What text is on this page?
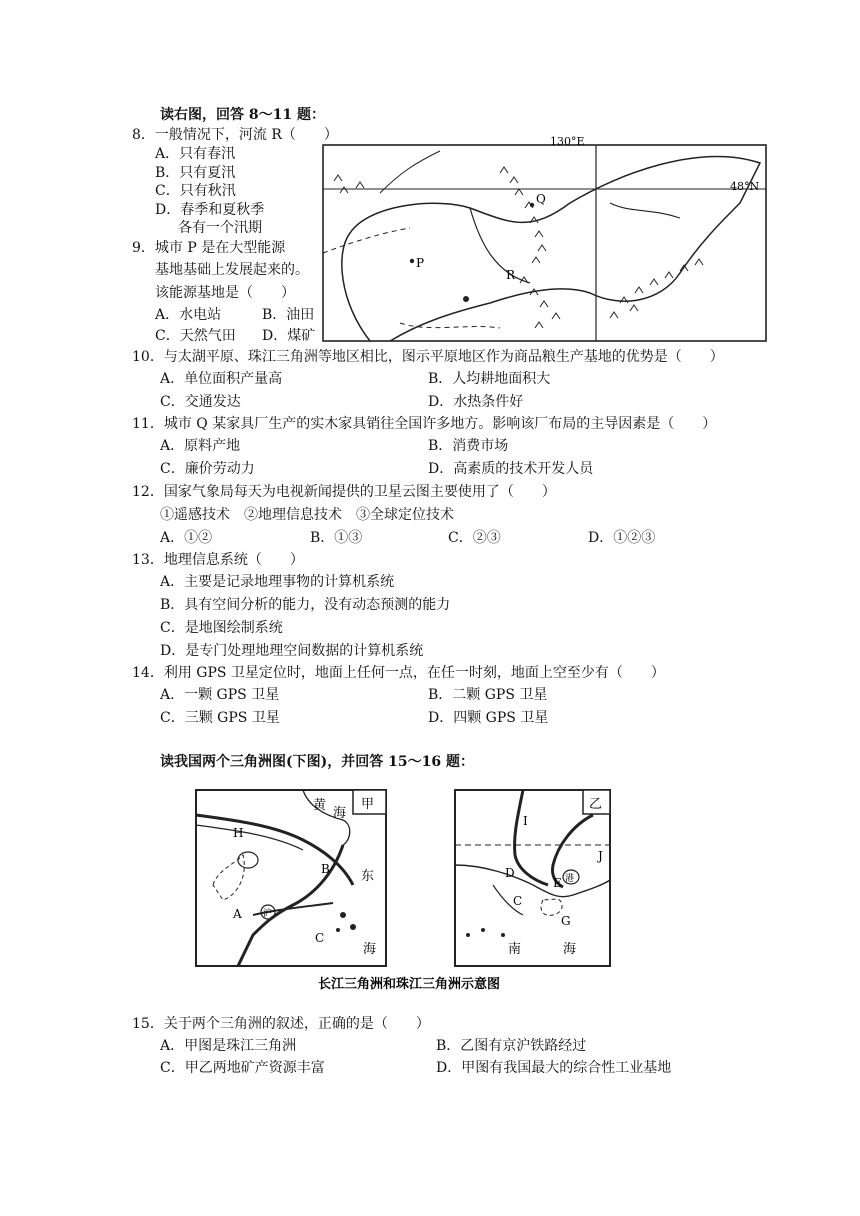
读右图，回答 8～11 题：
8．一般情况下，河流 R（　　）
A．只有春汛
B．只有夏汛
C．只有秋汛
D．春季和夏秋季
各有一个汛期
9．城市 P 是在大型能源
基地基础上发展起来的。
该能源基地是（　　）
A．水电站	B．油田
C．天然气田 D．煤矿
130°E
48°N
P
Q
R
10．与太湖平原、珠江三角洲等地区相比，图示平原地区作为商品粮生产基地的优势是（　　）
A．单位面积产量高	B．人均耕地面积大
C．交通发达	D．水热条件好
11．城市 Q 某家具厂生产的实木家具销往全国许多地方。影响该厂布局的主导因素是（　　）
A．原料产地	B．消费市场
C．廉价劳动力	D．高素质的技术开发人员
12．国家气象局每天为电视新闻提供的卫星云图主要使用了（　　）
①遥感技术　②地理信息技术　③全球定位技术
A．①②	B．①③	C．②③	D．①②③
13．地理信息系统（　　）
A．主要是记录地理事物的计算机系统
B．具有空间分析的能力，没有动态预测的能力
C．是地图绘制系统
D．是专门处理地理空间数据的计算机系统
14．利用 GPS 卫星定位时，地面上任何一点，在任一时刻，地面上空至少有（　　）
A．一颗 GPS 卫星	B．二颗 GPS 卫星
C．三颗 GPS 卫星	D．四颗 GPS 卫星
读我国两个三角洲图(下图)，并回答 15～16 题：
甲
沪
黄
海
东
海
H
B
A
C
乙
港
I
J
D
E
C
G
南	海
长江三角洲和珠江三角洲示意图
15．关于两个三角洲的叙述，正确的是（　　）
A．甲图是珠江三角洲	B．乙图有京沪铁路经过
C．甲乙两地矿产资源丰富	D．甲图有我国最大的综合性工业基地
